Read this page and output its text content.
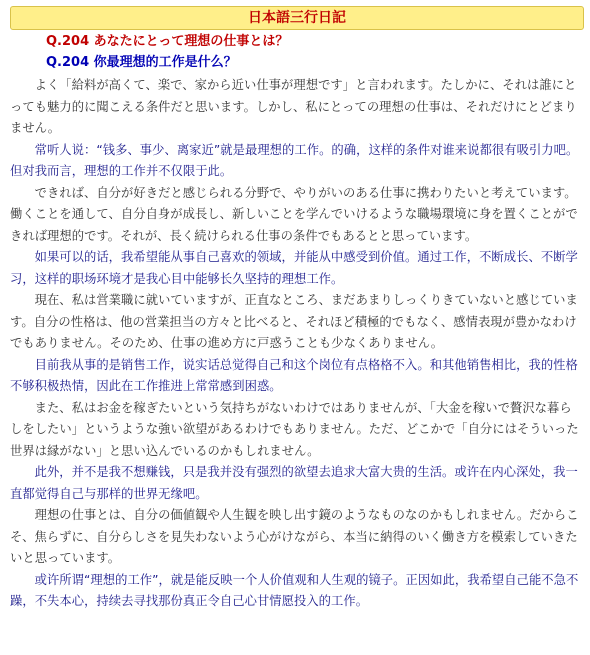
日本語三行日記
Q.204 あなたにとって理想の仕事とは？
Q.204 你最理想的工作是什么？

よく「給料が高くて、楽で、家から近い仕事が理想です」と言われます。たしかに、それは誰にとっても魅力的に聞こえる条件だと思います。しかし、私にとっての理想の仕事は、それだけにとどまりません。

常听人说：“钱多、事少、离家近”就是最理想的工作。的确，这样的条件对谁来说都很有吸引力吧。但对我而言，理想的工作并不仅限于此。

できれば、自分が好きだと感じられる分野で、やりがいのある仕事に携わりたいと考えています。働くことを通して、自分自身が成長し、新しいことを学んでいけるような職場環境に身を置くことができれば理想的です。それが、長く続けられる仕事の条件でもあるとと思っています。

如果可以的话，我希望能从事自己喜欢的领域，并能从中感受到价值。通过工作，不断成长、不断学习，这样的职场环境才是我心目中能够长久坚持的理想工作。

現在、私は営業職に就いていますが、正直なところ、まだあまりしっくりきていないと感じています。自分の性格は、他の営業担当の方々と比べると、それほど積極的でもなく、感情表現が豊かなわけでもありません。そのため、仕事の進め方に戸惑うことも少なくありません。

目前我从事的是销售工作，说实话总觉得自己和这个岗位有点格格不入。和其他销售相比，我的性格不够积极热情，因此在工作推进上常常感到困惑。

また、私はお金を稼ぎたいという気持ちがないわけではありませんが、「大金を稼いで贅沢な暮らしをしたい」というような強い欲望があるわけでもありません。ただ、どこかで「自分にはそういった世界は縁がない」と思い込んでいるのかもしれません。

此外，并不是我不想赚钱，只是我并没有强烈的欲望去追求大富大贵的生活。或许在内心深处，我一直都觉得自己与那样的世界无缘吧。

理想の仕事とは、自分の価値観や人生観を映し出す鏡のようなものなのかもしれません。だからこそ、焦らずに、自分らしさを見失わないよう心がけながら、本当に納得のいく働き方を模索していきたいと思っています。

或许所谓“理想的工作”，就是能反映一个人价值观和人生观的镜子。正因如此，我希望自己能不急不躁，不失本心，持续去寻找那份真正令自己心甘情愿投入的工作。
